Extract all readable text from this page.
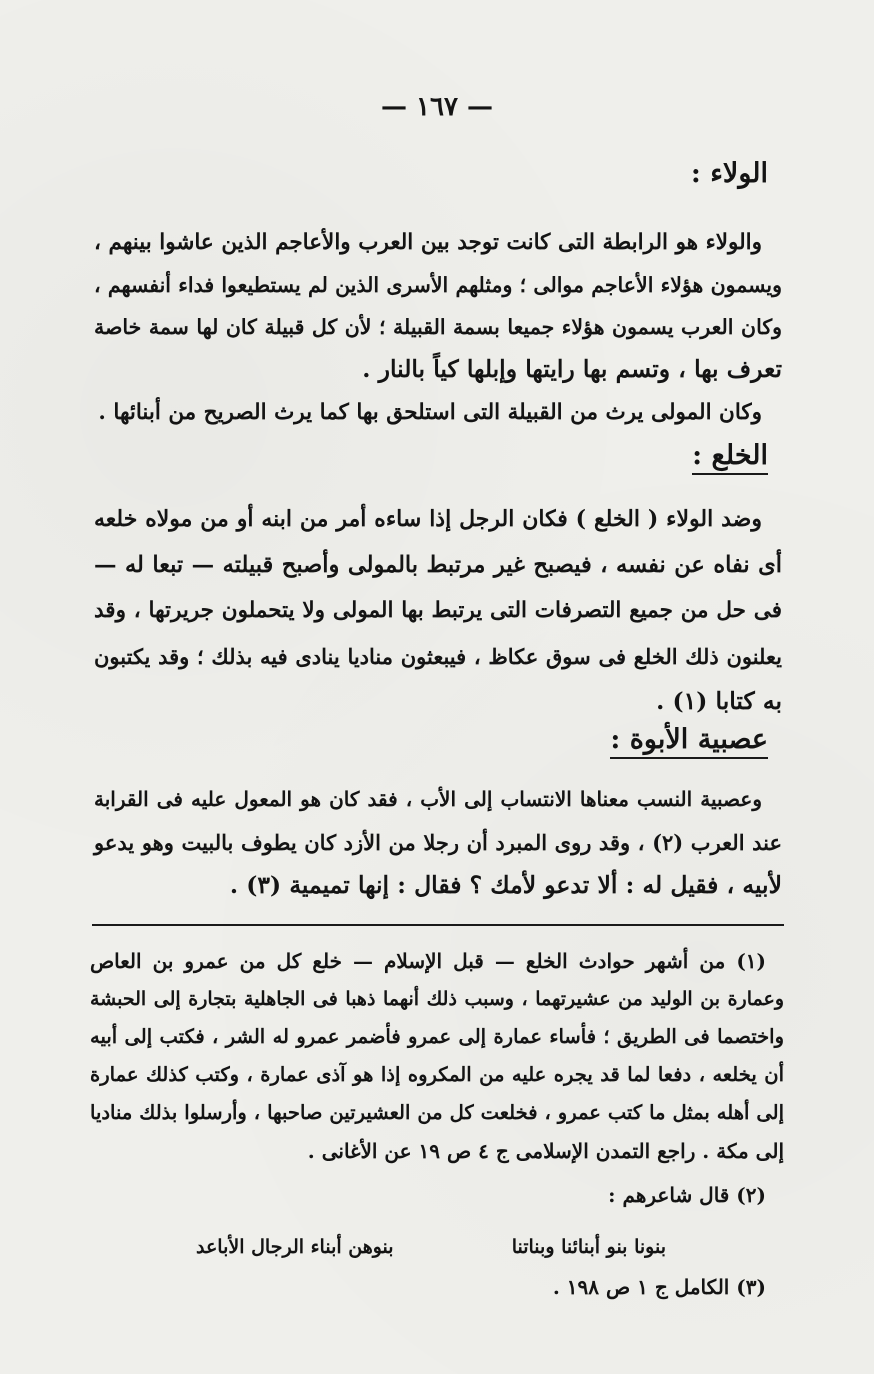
— ١٦٧ —
الولاء :
والولاء هو الرابطة التى كانت توجد بين العرب والأعاجم الذين عاشوا بينهم ،
ويسمون هؤلاء الأعاجم موالى ؛ ومثلهم الأسرى الذين لم يستطيعوا فداء أنفسهم ،
وكان العرب يسمون هؤلاء جميعا بسمة القبيلة ؛ لأن كل قبيلة كان لها سمة خاصة
تعرف بها ، وتسم بها رايتها وإبلها كياً بالنار .
وكان المولى يرث من القبيلة التى استلحق بها كما يرث الصريح من أبنائها .
الخلع :
وضد الولاء ( الخلع ) فكان الرجل إذا ساءه أمر من ابنه أو من مولاه خلعه
أى نفاه عن نفسه ، فيصبح غير مرتبط بالمولى وأصبح قبيلته — تبعا له —
فى حل من جميع التصرفات التى يرتبط بها المولى ولا يتحملون جريرتها ، وقد
يعلنون ذلك الخلع فى سوق عكاظ ، فيبعثون مناديا ينادى فيه بذلك ؛ وقد يكتبون
به كتابا (١) .
عصبية الأبوة :
وعصبية النسب معناها الانتساب إلى الأب ، فقد كان هو المعول عليه فى القرابة
عند العرب (٢) ، وقد روى المبرد أن رجلا من الأزد كان يطوف بالبيت وهو يدعو
لأبيه ، فقيل له : ألا تدعو لأمك ؟ فقال : إنها تميمية (٣) .
(١) من أشهر حوادث الخلع — قبل الإسلام — خلع كل من عمرو بن العاص
وعمارة بن الوليد من عشيرتهما ، وسبب ذلك أنهما ذهبا فى الجاهلية بتجارة إلى الحبشة
واختصما فى الطريق ؛ فأساء عمارة إلى عمرو فأضمر عمرو له الشر ، فكتب إلى أبيه
أن يخلعه ، دفعا لما قد يجره عليه من المكروه إذا هو آذى عمارة ، وكتب كذلك عمارة
إلى أهله بمثل ما كتب عمرو ، فخلعت كل من العشيرتين صاحبها ، وأرسلوا بذلك مناديا
إلى مكة . راجع التمدن الإسلامى ج ٤ ص ١٩ عن الأغانى .
(٢) قال شاعرهم :
بنونا بنو أبنائنا وبناتنا
بنوهن أبناء الرجال الأباعد
(٣) الكامل ج ١ ص ١٩٨ .
